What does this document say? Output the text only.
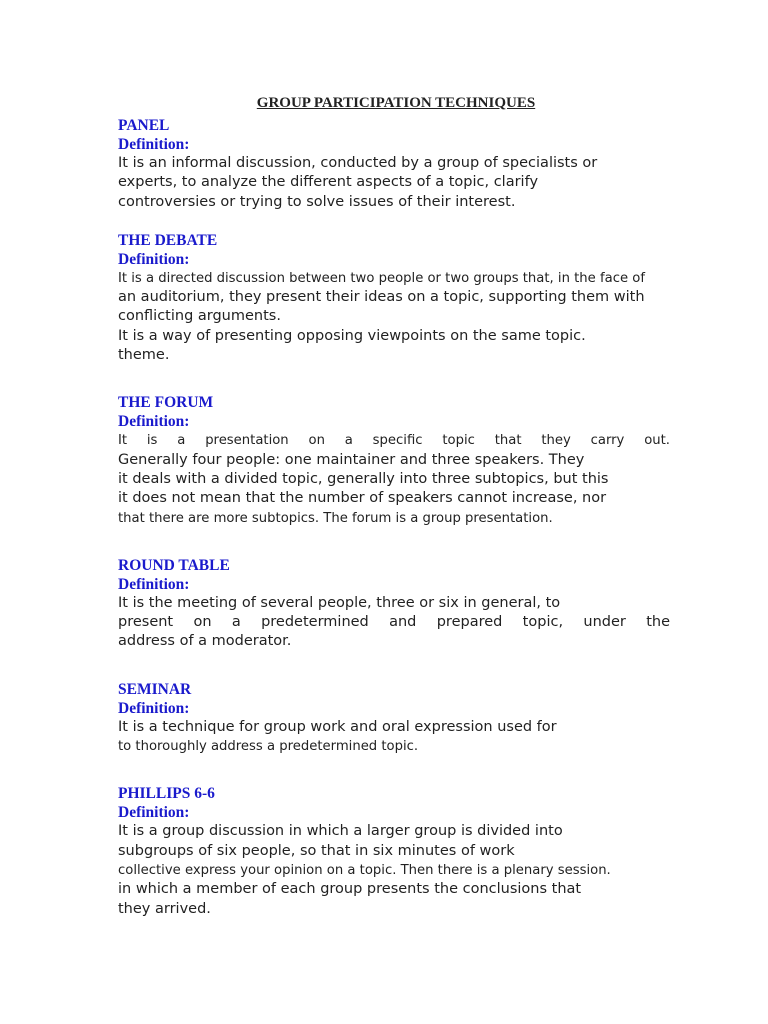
GROUP PARTICIPATION TECHNIQUES
PANEL
Definition:
It is an informal discussion, conducted by a group of specialists or
experts, to analyze the different aspects of a topic, clarify
controversies or trying to solve issues of their interest.
THE DEBATE
Definition:
It is a directed discussion between two people or two groups that, in the face of
an auditorium, they present their ideas on a topic, supporting them with
conflicting arguments.
It is a way of presenting opposing viewpoints on the same topic.
theme.
THE FORUM
Definition:
It is a presentation on a specific topic that they carry out.
Generally four people: one maintainer and three speakers. They
it deals with a divided topic, generally into three subtopics, but this
it does not mean that the number of speakers cannot increase, nor
that there are more subtopics. The forum is a group presentation.
ROUND TABLE
Definition:
It is the meeting of several people, three or six in general, to
present on a predetermined and prepared topic, under the
address of a moderator.
SEMINAR
Definition:
It is a technique for group work and oral expression used for
to thoroughly address a predetermined topic.
PHILLIPS 6-6
Definition:
It is a group discussion in which a larger group is divided into
subgroups of six people, so that in six minutes of work
collective express your opinion on a topic. Then there is a plenary session.
in which a member of each group presents the conclusions that
they arrived.
